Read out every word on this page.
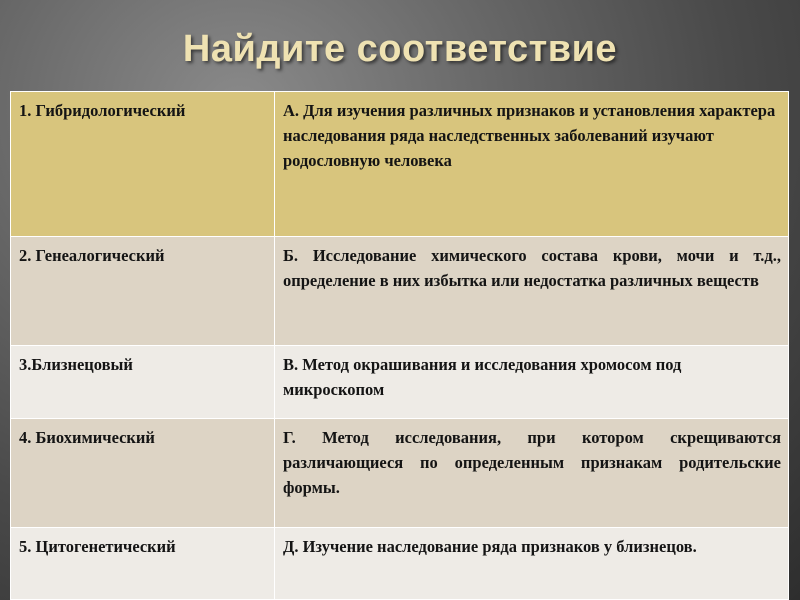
Найдите соответствие
1. Гибридологический	А. Для изучения различных признаков и установления характера наследования ряда наследственных заболеваний изучают родословную человека
2. Генеалогический	Б. Исследование химического состава крови, мочи и т.д., определение в них избытка или недостатка различных веществ
3.Близнецовый	В. Метод окрашивания и исследования хромосом под микроскопом
4. Биохимический	Г. Метод исследования, при котором скрещиваются различающиеся по определенным признакам родительские формы.
5. Цитогенетический	Д. Изучение наследование ряда признаков у близнецов.
